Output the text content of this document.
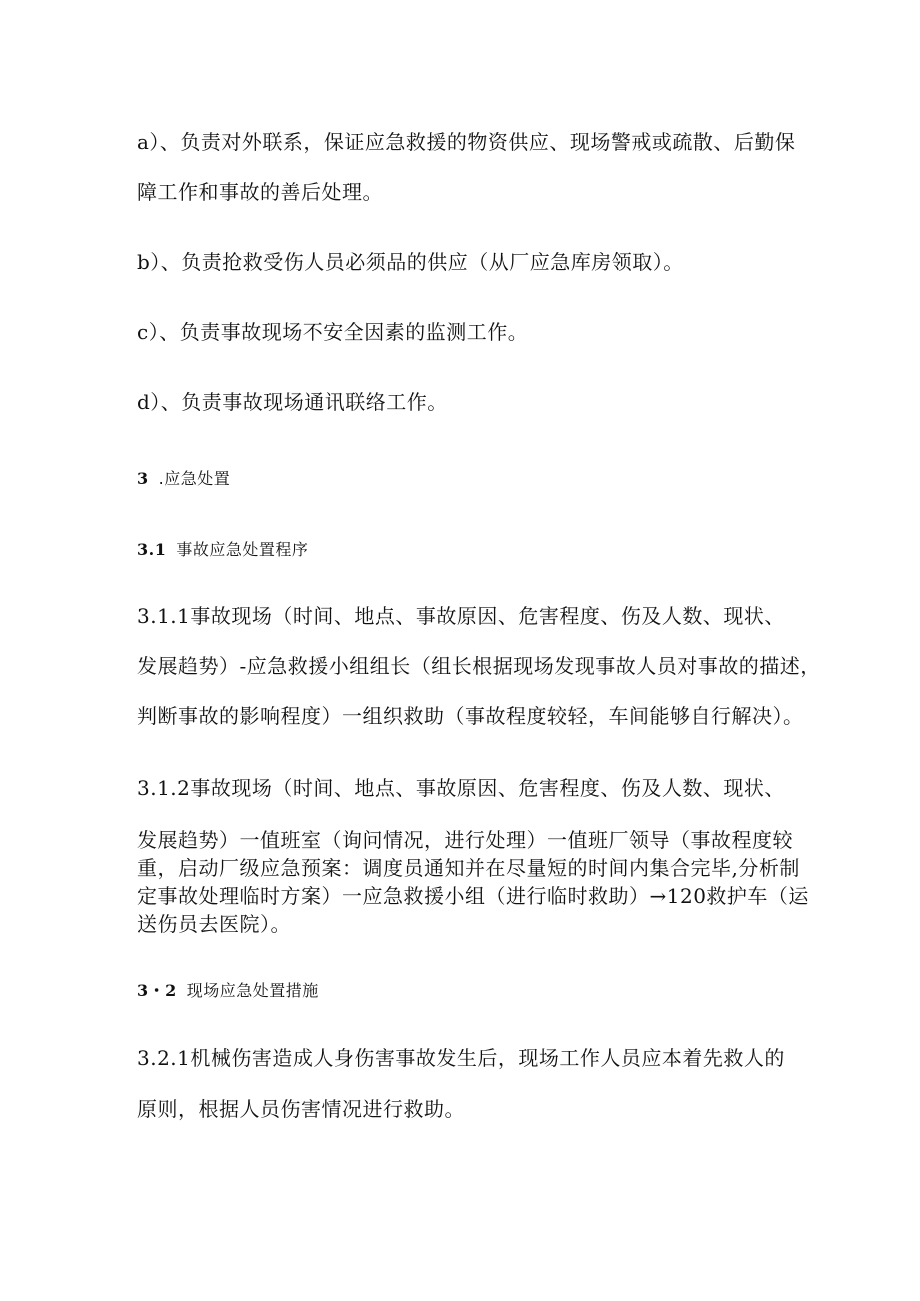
a）、负责对外联系，保证应急救援的物资供应、现场警戒或疏散、后勤保

障工作和事故的善后处理。

b）、负责抢救受伤人员必须品的供应（从厂应急库房领取）。

c）、负责事故现场不安全因素的监测工作。

d）、负责事故现场通讯联络工作。

3 .应急处置
3.1 事故应急处置程序

3.1.1事故现场（时间、地点、事故原因、危害程度、伤及人数、现状、

发展趋势）-应急救援小组组长（组长根据现场发现事故人员对事故的描述，

判断事故的影响程度）一组织救助（事故程度较轻，车间能够自行解决）。

3.1.2事故现场（时间、地点、事故原因、危害程度、伤及人数、现状、

发展趋势）一值班室（询问情况，进行处理）一值班厂领导（事故程度较

重，启动厂级应急预案：调度员通知并在尽量短的时间内集合完毕,分析制

定事故处理临时方案）一应急救援小组（进行临时救助）→120救护车（运

送伤员去医院）。

3・2 现场应急处置措施

3.2.1机械伤害造成人身伤害事故发生后，现场工作人员应本着先救人的

原则，根据人员伤害情况进行救助。
